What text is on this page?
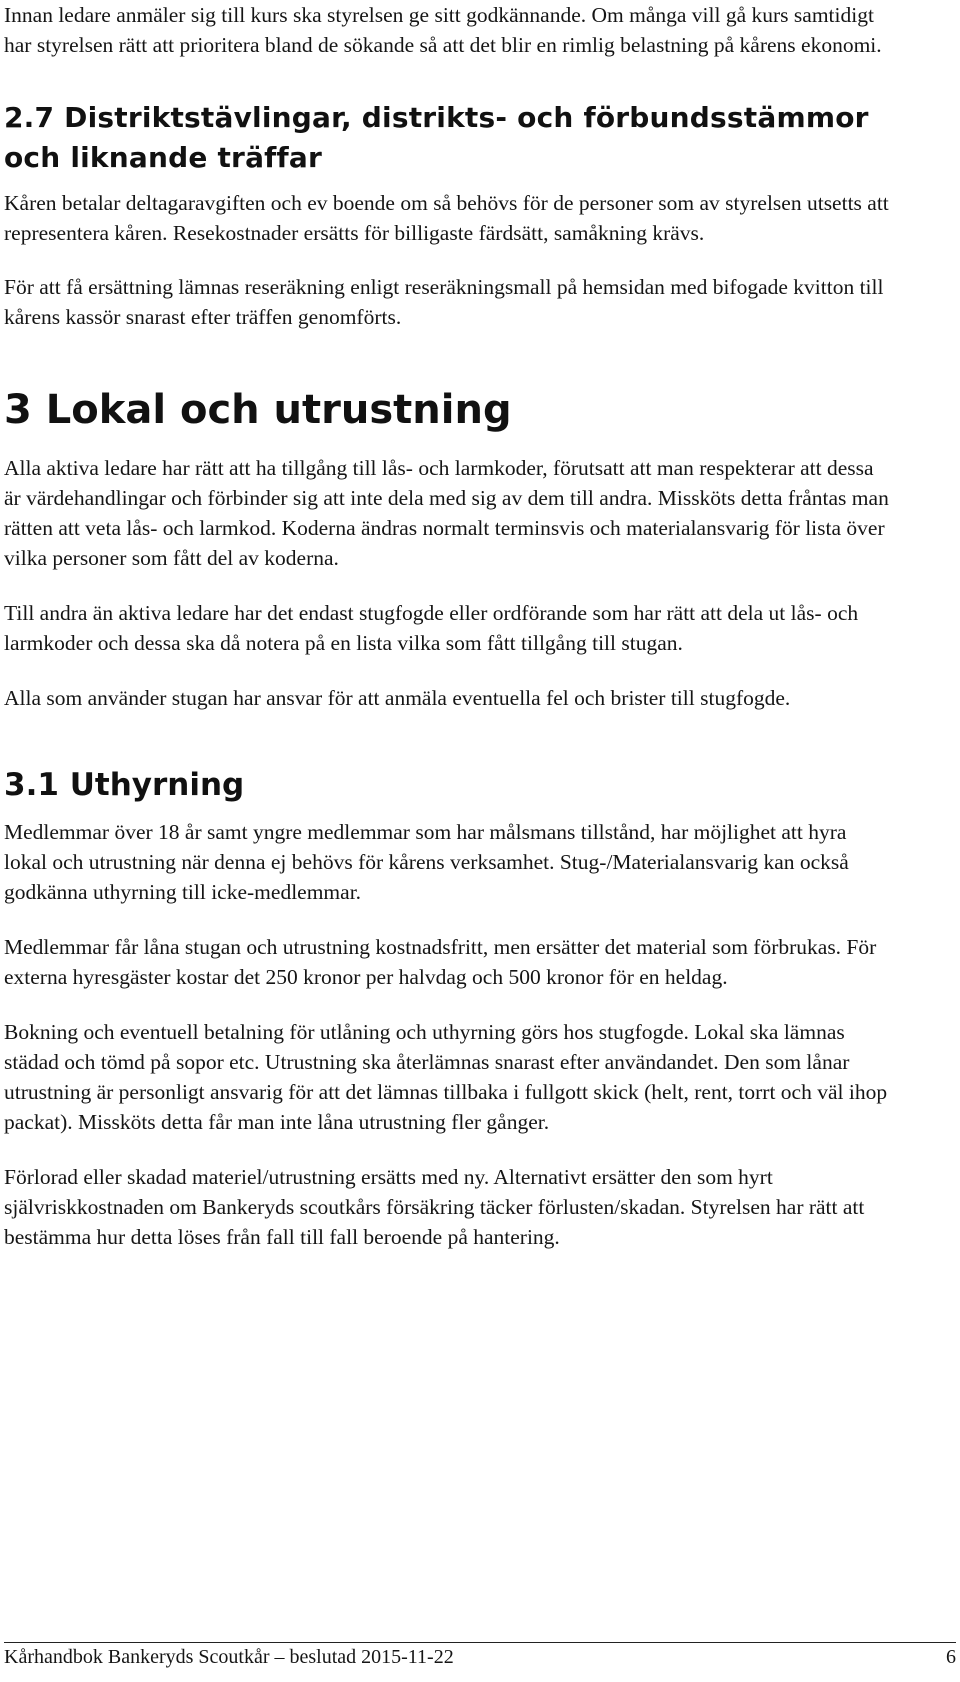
Innan ledare anmäler sig till kurs ska styrelsen ge sitt godkännande. Om många vill gå kurs samtidigt har styrelsen rätt att prioritera bland de sökande så att det blir en rimlig belastning på kårens ekonomi.

2.7 Distriktstävlingar, distrikts- och förbundsstämmor och liknande träffar

Kåren betalar deltagaravgiften och ev boende om så behövs för de personer som av styrelsen utsetts att representera kåren. Resekostnader ersätts för billigaste färdsätt, samåkning krävs.

För att få ersättning lämnas reseräkning enligt reseräkningsmall på hemsidan med bifogade kvitton till kårens kassör snarast efter träffen genomförts.

3 Lokal och utrustning

Alla aktiva ledare har rätt att ha tillgång till lås- och larmkoder, förutsatt att man respekterar att dessa är värdehandlingar och förbinder sig att inte dela med sig av dem till andra. Missköts detta fråntas man rätten att veta lås- och larmkod. Koderna ändras normalt terminsvis och materialansvarig för lista över vilka personer som fått del av koderna.

Till andra än aktiva ledare har det endast stugfogde eller ordförande som har rätt att dela ut lås- och larmkoder och dessa ska då notera på en lista vilka som fått tillgång till stugan.

Alla som använder stugan har ansvar för att anmäla eventuella fel och brister till stugfogde.

3.1 Uthyrning

Medlemmar över 18 år samt yngre medlemmar som har målsmans tillstånd, har möjlighet att hyra lokal och utrustning när denna ej behövs för kårens verksamhet. Stug-/Materialansvarig kan också godkänna uthyrning till icke-medlemmar.

Medlemmar får låna stugan och utrustning kostnadsfritt, men ersätter det material som förbrukas. För externa hyresgäster kostar det 250 kronor per halvdag och 500 kronor för en heldag.

Bokning och eventuell betalning för utlåning och uthyrning görs hos stugfogde. Lokal ska lämnas städad och tömd på sopor etc. Utrustning ska återlämnas snarast efter användandet. Den som lånar utrustning är personligt ansvarig för att det lämnas tillbaka i fullgott skick (helt, rent, torrt och väl ihop packat). Missköts detta får man inte låna utrustning fler gånger.

Förlorad eller skadad materiel/utrustning ersätts med ny. Alternativt ersätter den som hyrt självriskkostnaden om Bankeryds scoutkårs försäkring täcker förlusten/skadan. Styrelsen har rätt att bestämma hur detta löses från fall till fall beroende på hantering.

Kårhandbok Bankeryds Scoutkår – beslutad 2015-11-22	6
